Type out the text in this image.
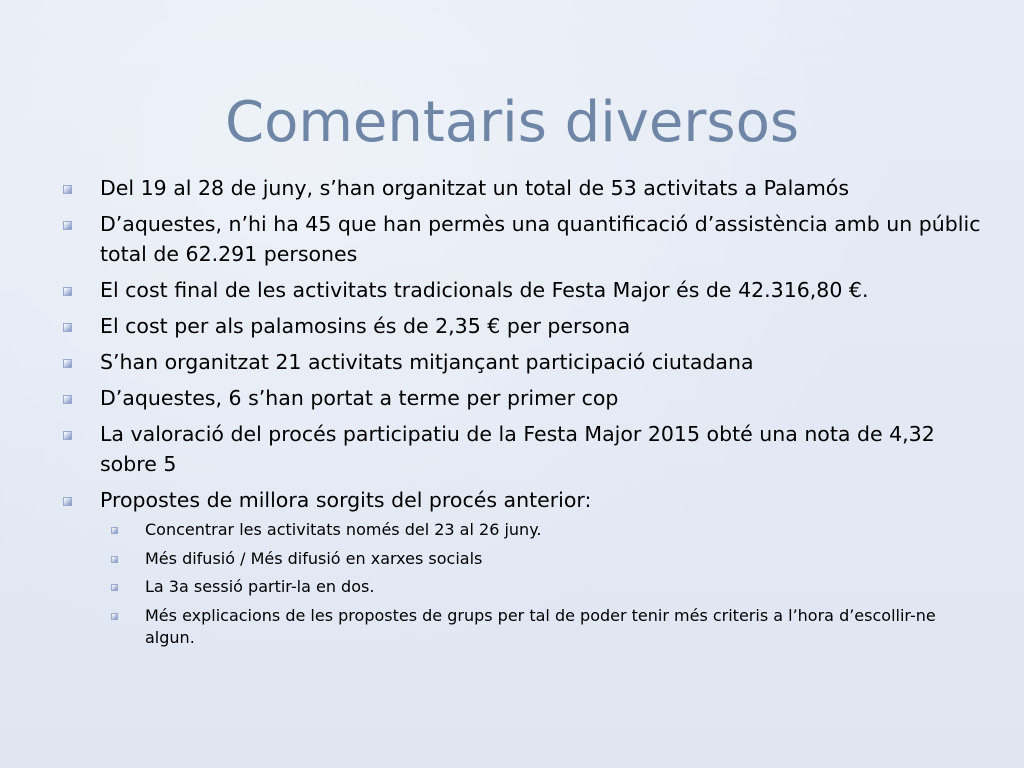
Comentaris diversos
Del 19 al 28 de juny, s’han organitzat un total de 53 activitats a Palamós
D’aquestes, n’hi ha 45 que han permès una quantificació d’assistència amb un públic total de 62.291 persones
El cost final de les activitats tradicionals de Festa Major és de 42.316,80 €.
El cost per als palamosins és de 2,35 € per persona
S’han organitzat 21 activitats mitjançant participació ciutadana
D’aquestes, 6 s’han portat a terme per primer cop
La valoració del procés participatiu de la Festa Major 2015 obté una nota de 4,32 sobre 5
Propostes de millora sorgits del procés anterior:
Concentrar les activitats només del 23 al 26 juny.
Més difusió / Més difusió en xarxes socials
La 3a sessió partir-la en dos.
Més explicacions de les propostes de grups per tal de poder tenir més criteris a l’hora d’escollir-ne algun.
